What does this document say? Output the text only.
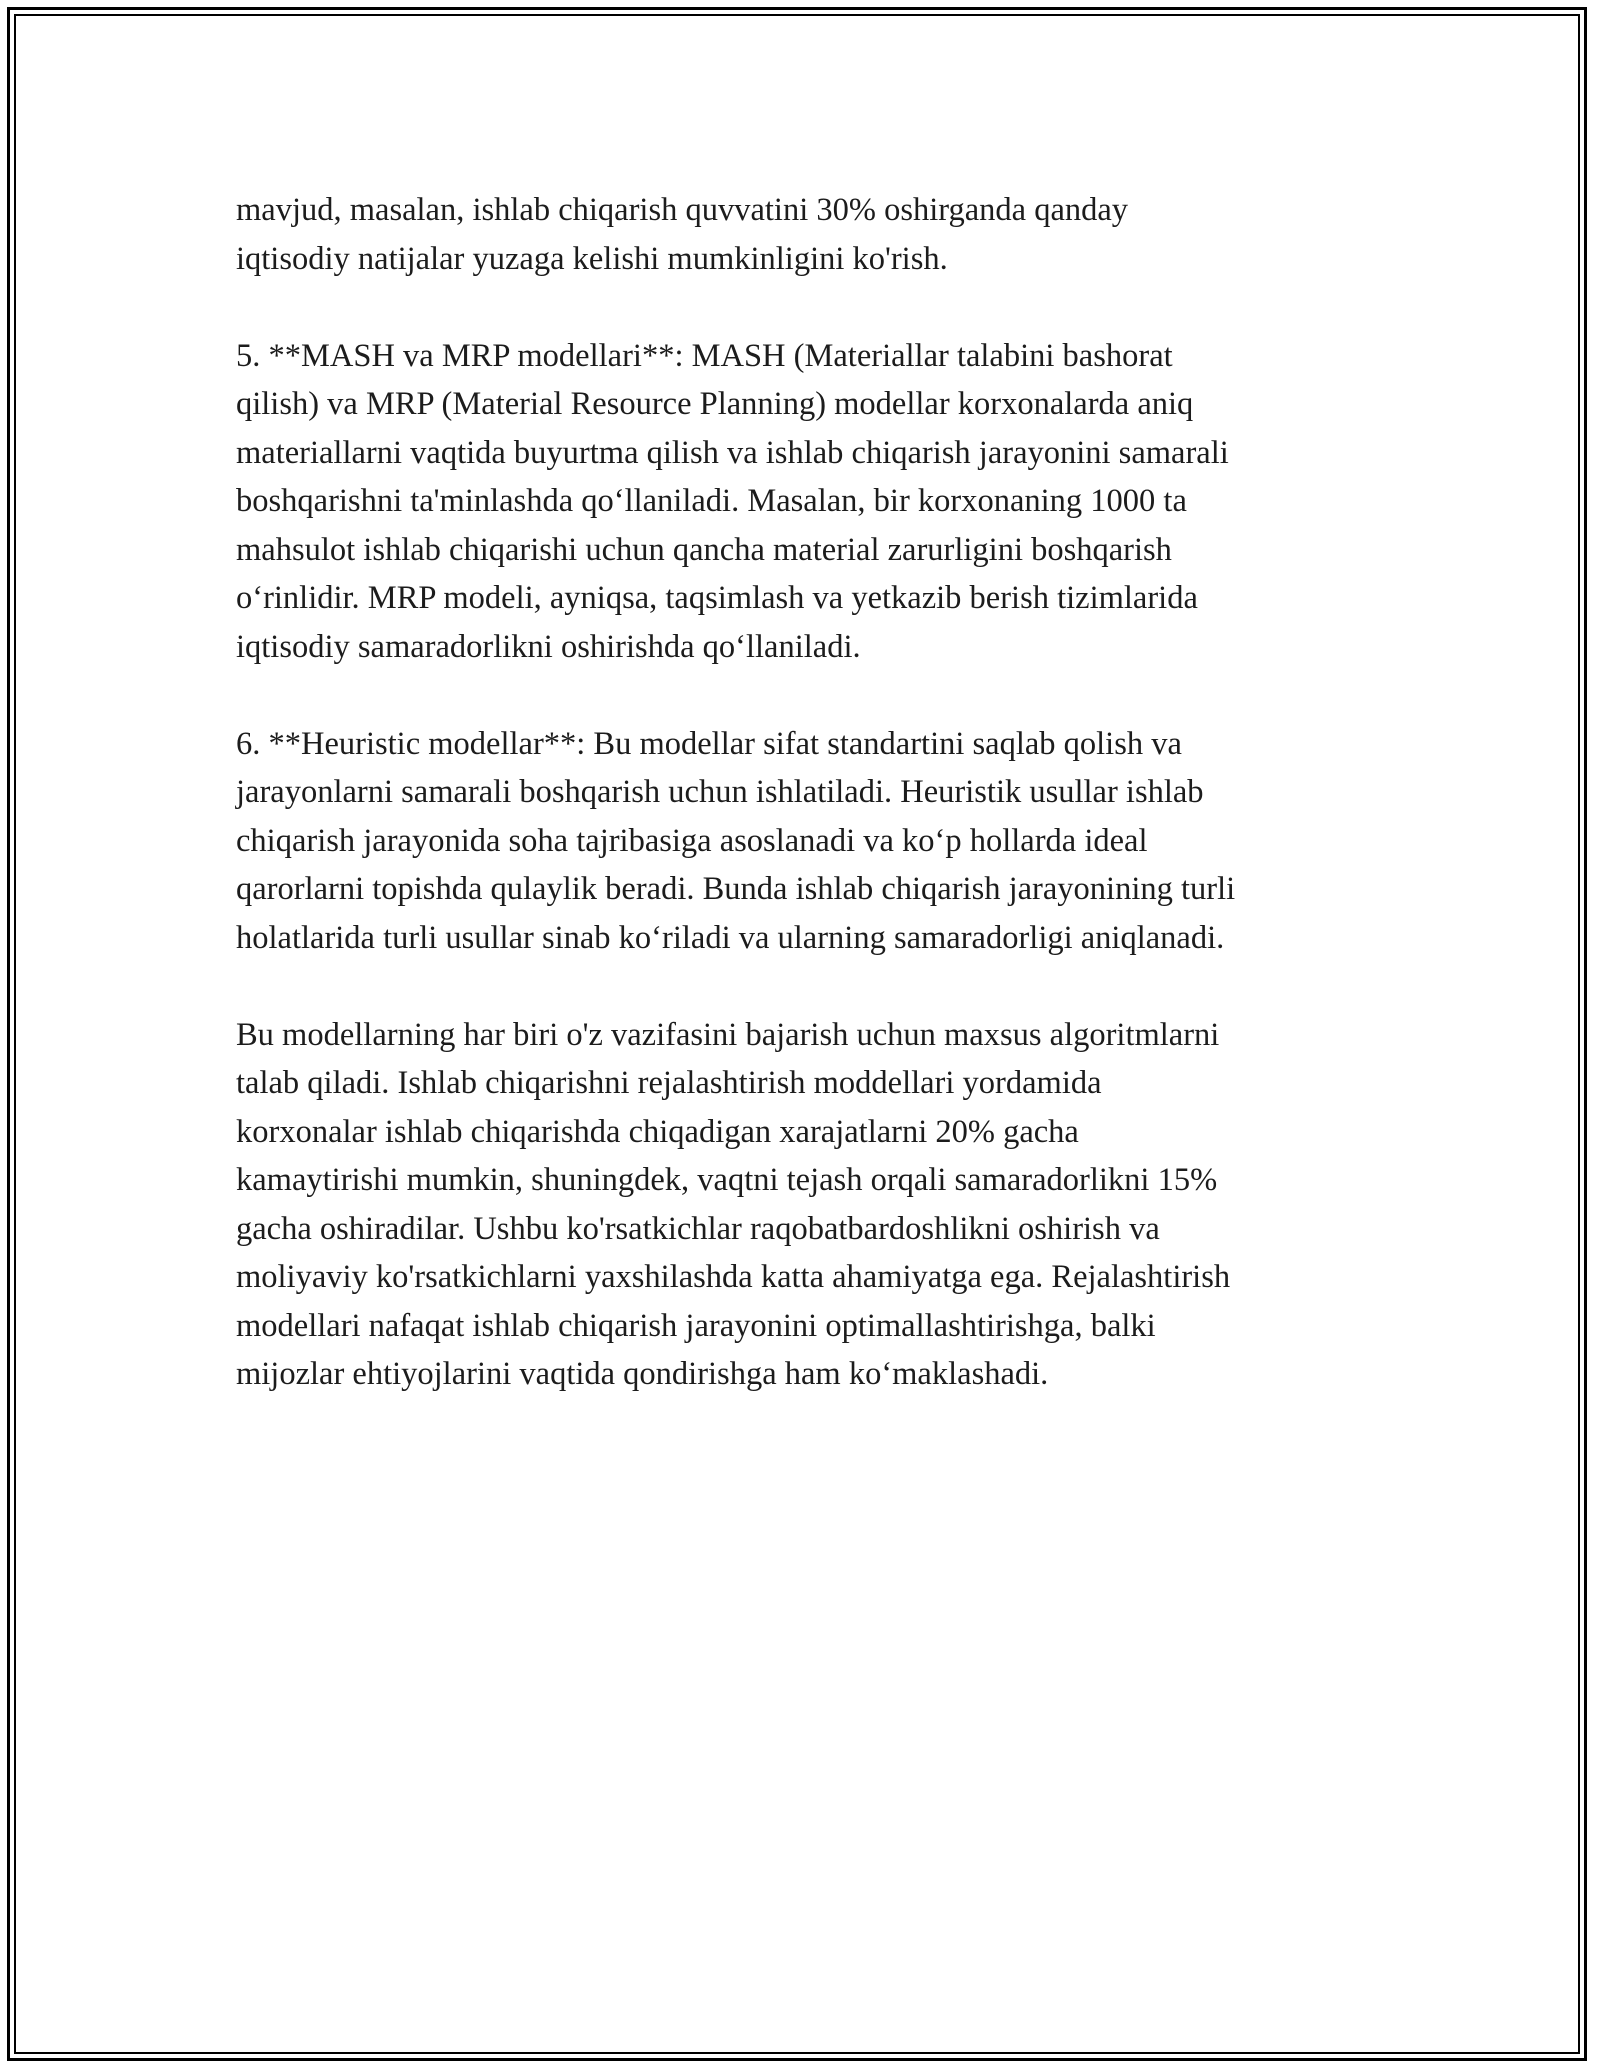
mavjud, masalan, ishlab chiqarish quvvatini 30% oshirganda qanday
iqtisodiy natijalar yuzaga kelishi mumkinligini ko'rish.

5. **MASH va MRP modellari**: MASH (Materiallar talabini bashorat
qilish) va MRP (Material Resource Planning) modellar korxonalarda aniq
materiallarni vaqtida buyurtma qilish va ishlab chiqarish jarayonini samarali
boshqarishni ta'minlashda qo‘llaniladi. Masalan, bir korxonaning 1000 ta
mahsulot ishlab chiqarishi uchun qancha material zarurligini boshqarish
o‘rinlidir. MRP modeli, ayniqsa, taqsimlash va yetkazib berish tizimlarida
iqtisodiy samaradorlikni oshirishda qo‘llaniladi.

6. **Heuristic modellar**: Bu modellar sifat standartini saqlab qolish va
jarayonlarni samarali boshqarish uchun ishlatiladi. Heuristik usullar ishlab
chiqarish jarayonida soha tajribasiga asoslanadi va ko‘p hollarda ideal
qarorlarni topishda qulaylik beradi. Bunda ishlab chiqarish jarayonining turli
holatlarida turli usullar sinab ko‘riladi va ularning samaradorligi aniqlanadi.

Bu modellarning har biri o'z vazifasini bajarish uchun maxsus algoritmlarni
talab qiladi. Ishlab chiqarishni rejalashtirish moddellari yordamida
korxonalar ishlab chiqarishda chiqadigan xarajatlarni 20% gacha
kamaytirishi mumkin, shuningdek, vaqtni tejash orqali samaradorlikni 15%
gacha oshiradilar. Ushbu ko'rsatkichlar raqobatbardoshlikni oshirish va
moliyaviy ko'rsatkichlarni yaxshilashda katta ahamiyatga ega. Rejalashtirish
modellari nafaqat ishlab chiqarish jarayonini optimallashtirishga, balki
mijozlar ehtiyojlarini vaqtida qondirishga ham ko‘maklashadi.
